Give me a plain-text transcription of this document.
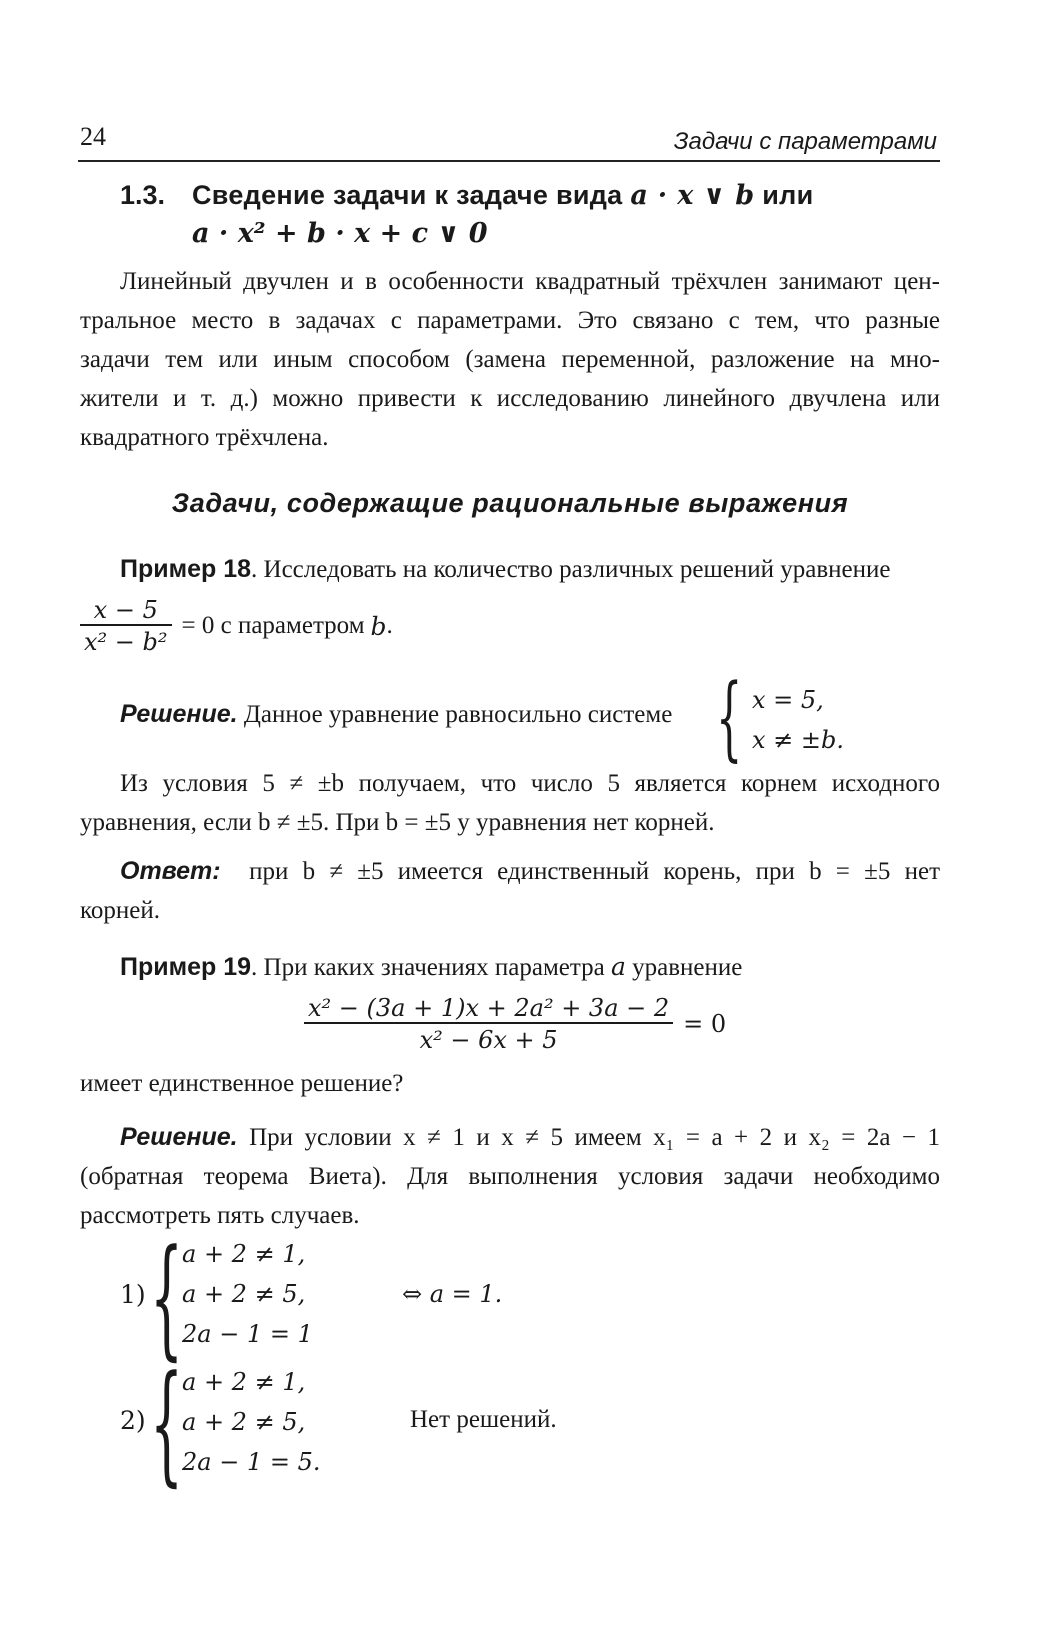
24	Задачи с параметрами
1.3. Сведение задачи к задаче вида a · x ∨ b или
a · x² + b · x + c ∨ 0
Линейный двучлен и в особенности квадратный трёхчлен занимают цен-
тральное место в задачах с параметрами. Это связано с тем, что разные
задачи тем или иным способом (замена переменной, разложение на мно-
жители и т. д.) можно привести к исследованию линейного двучлена или
квадратного трёхчлена.
Задачи, содержащие рациональные выражения
Пример 18. Исследовать на количество различных решений уравнение
$\frac{x - 5}{\text{x² − b²}} = 0$ с параметром b .
Решение. Данное уравнение равносильно системе { x = 5,
x ≠ ±b.
Из условия 5 ≠ ±b получаем, что число 5 является корнем исходного
уравнения, если b ≠ ±5. При b = ±5 у уравнения нет корней.
Ответ: при b ≠ ±5 имеется единственный корень, при b = ±5 нет
корней.
Пример 19. При каких значениях параметра a уравнение
$\frac{\text{x² − (3a + 1)x + 2a² + 3a − 2}}{\text{x² − 6x + 5}} = 0$
имеет единственное решение?
Решение. При условии x ≠ 1 и x ≠ 5 имеем x₁ = a + 2 и x₂ = 2a − 1
(обратная теорема Виета). Для выполнения условия задачи необходимо
рассмотреть пять случаев.
1) {
a + 2 ≠ 1,
a + 2 ≠ 5,
2a − 1 = 1
⇔ a = 1.
2) {
a + 2 ≠ 1,
a + 2 ≠ 5,
2a − 1 = 5.
Нет решений.
